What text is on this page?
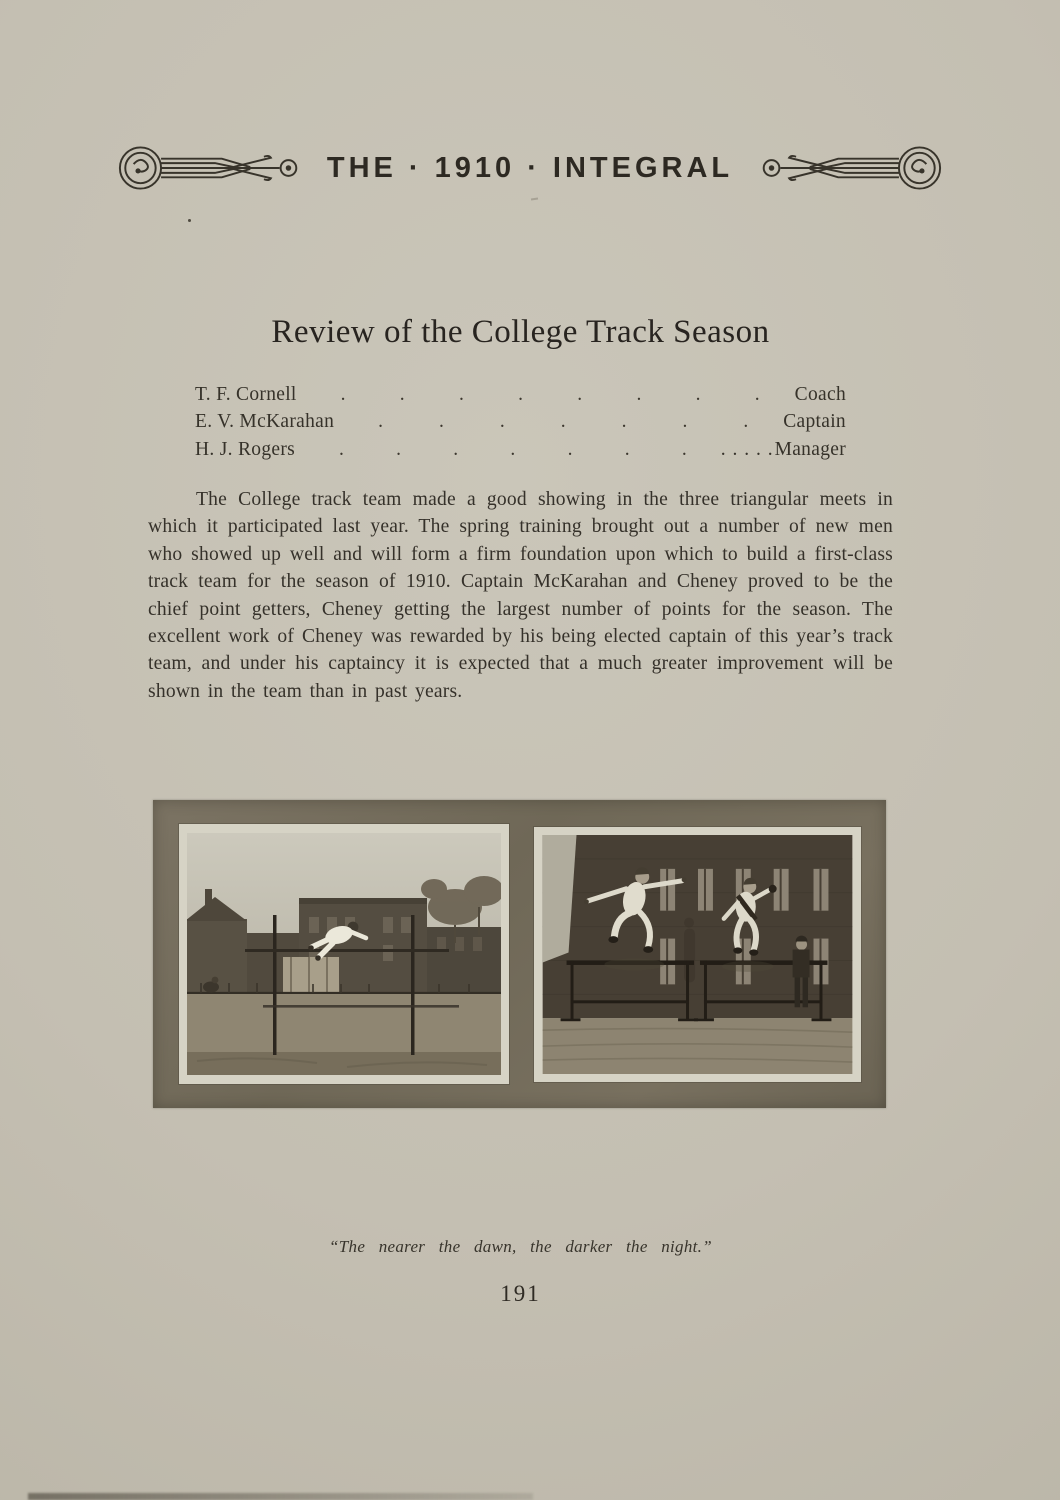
THE · 1910 · INTEGRAL
Review of the College Track Season
T. F. Cornell	. . . . . . . .	Coach
E. V. McKarahan	. . . . . . .	Captain
H. J. Rogers	. . . . . . .	. . . . . Manager
The College track team made a good showing in the three triangular meets in which it participated last year. The spring training brought out a number of new men who showed up well and will form a firm foundation upon which to build a first-class track team for the season of 1910. Captain McKarahan and Cheney proved to be the chief point getters, Cheney getting the largest number of points for the season. The excellent work of Cheney was rewarded by his being elected captain of this year’s track team, and under his captaincy it is expected that a much greater improvement will be shown in the team than in past years.
“The nearer the dawn, the darker the night.”
191
